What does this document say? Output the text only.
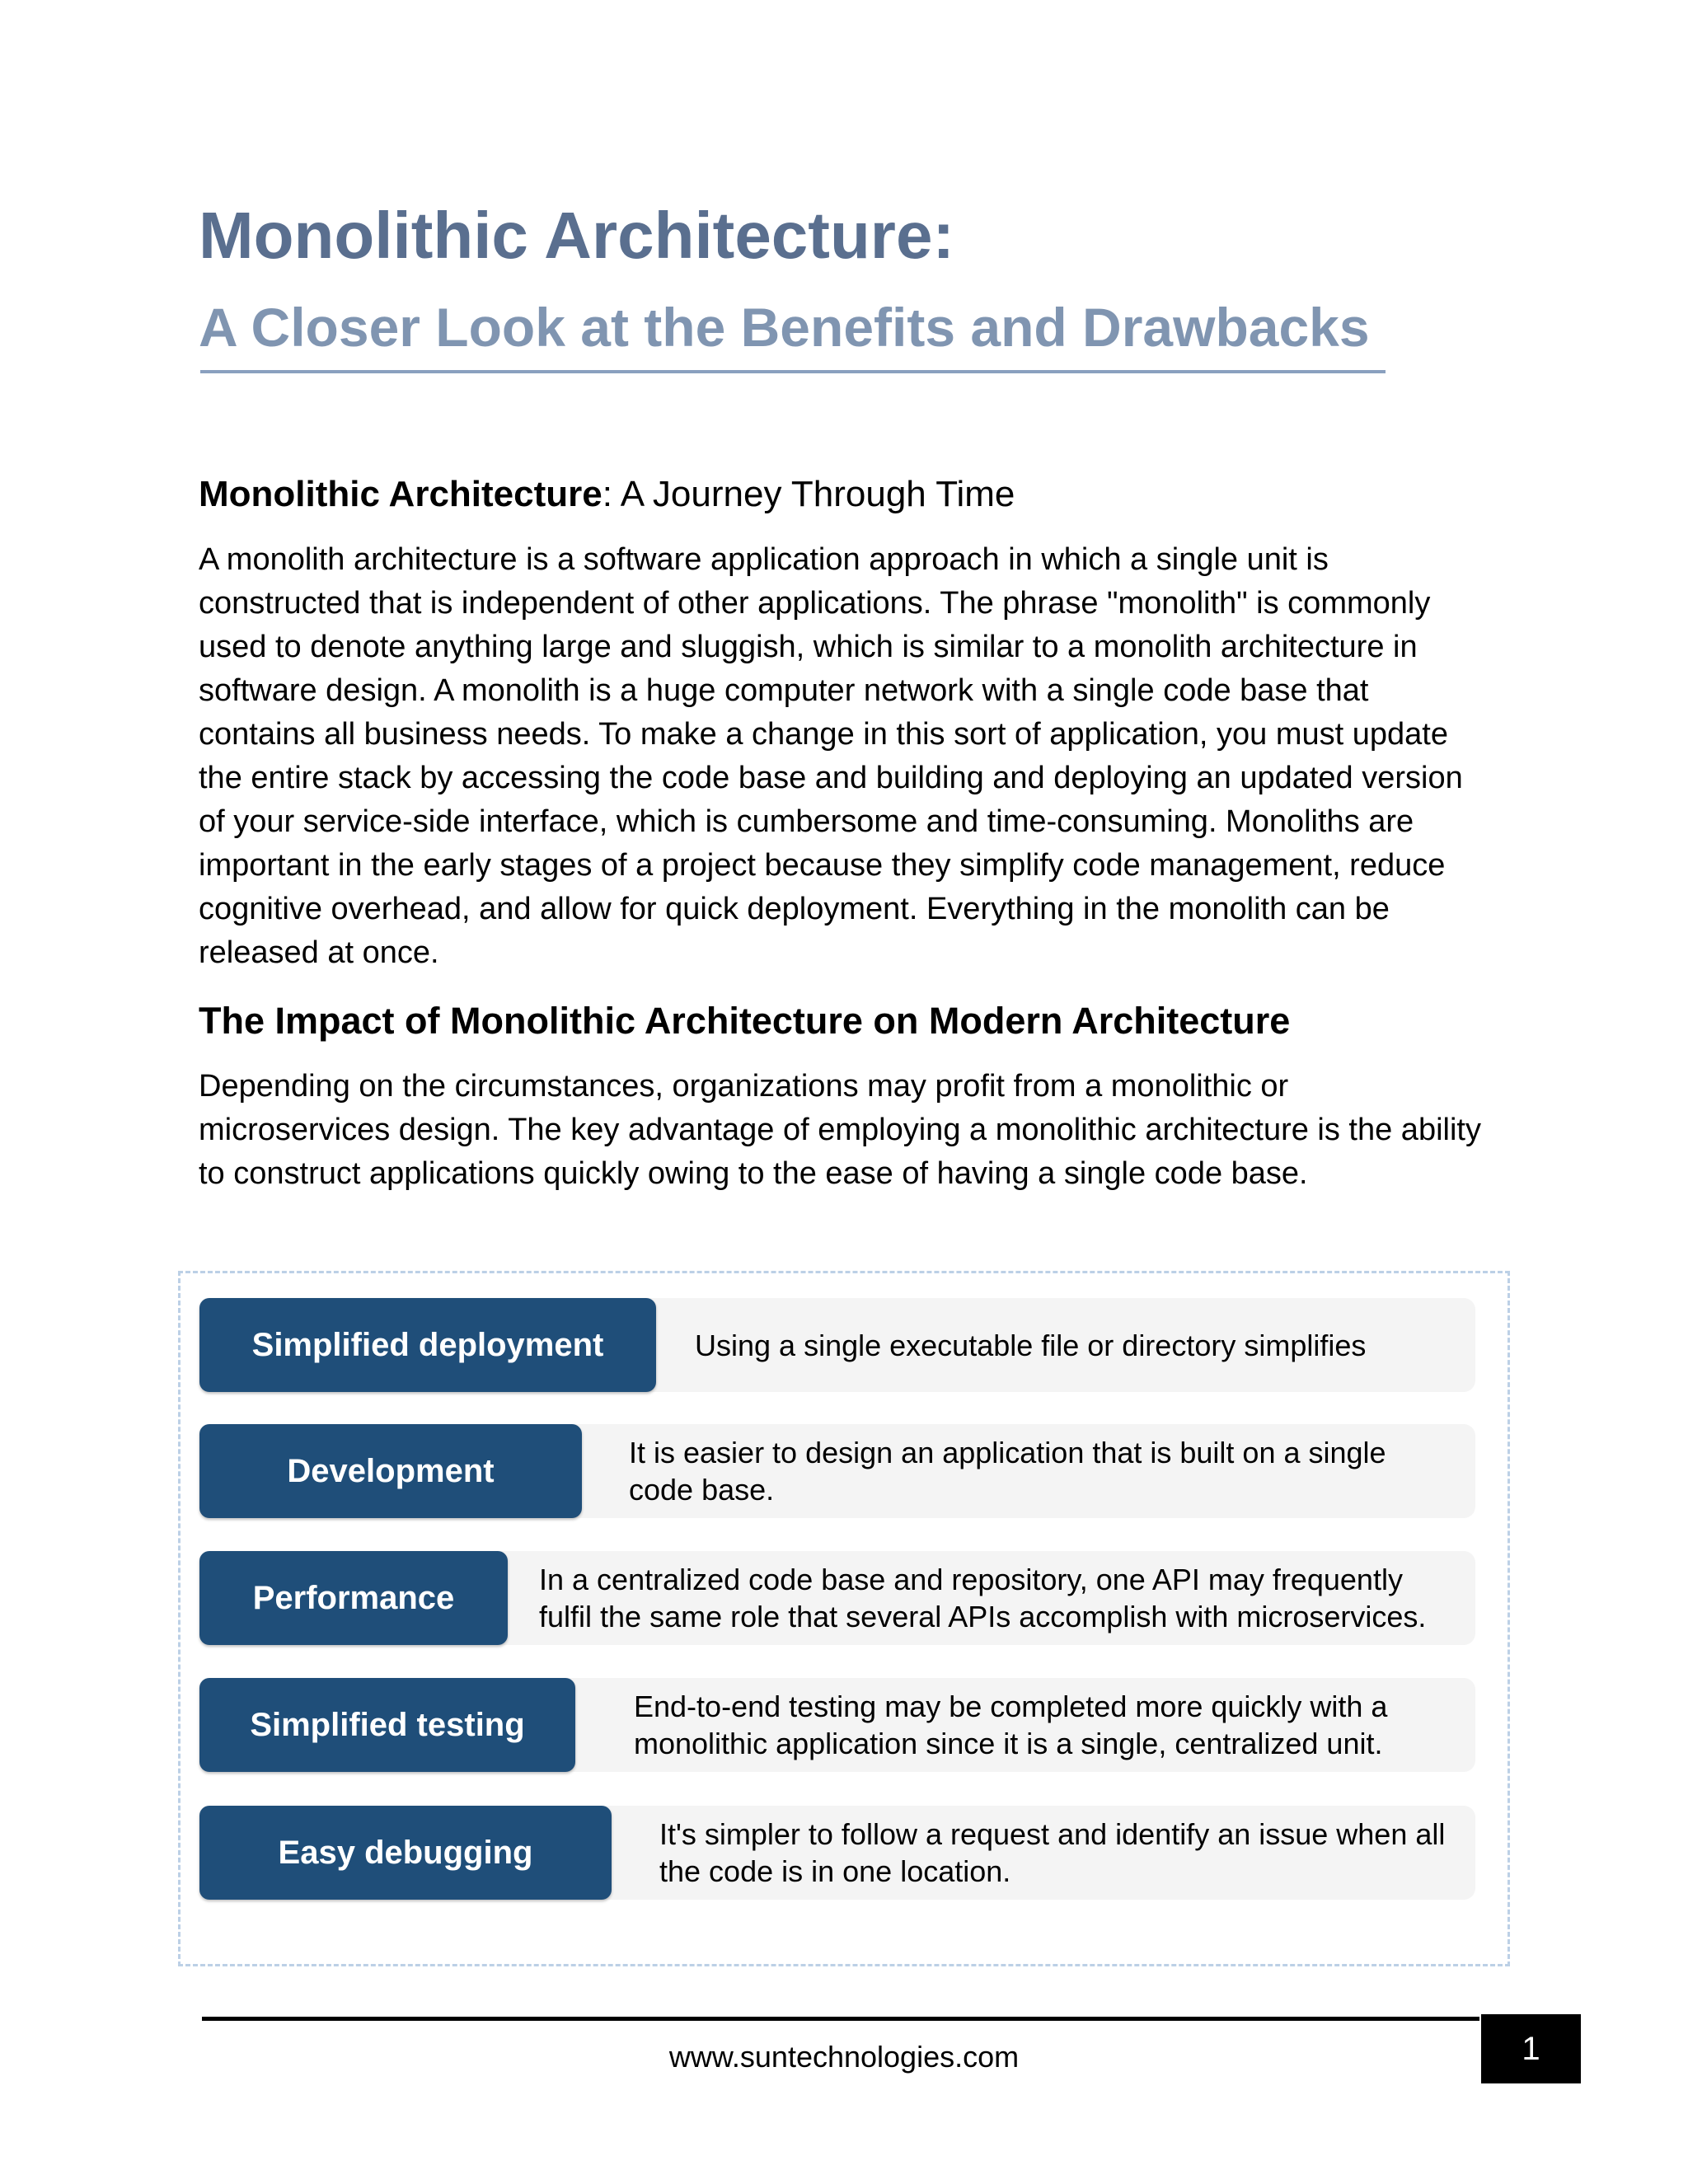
Monolithic Architecture:
A Closer Look at the Benefits and Drawbacks
Monolithic Architecture: A Journey Through Time

A monolith architecture is a software application approach in which a single unit is constructed that is independent of other applications. The phrase "monolith" is commonly used to denote anything large and sluggish, which is similar to a monolith architecture in software design. A monolith is a huge computer network with a single code base that contains all business needs. To make a change in this sort of application, you must update the entire stack by accessing the code base and building and deploying an updated version of your service-side interface, which is cumbersome and time-consuming. Monoliths are important in the early stages of a project because they simplify code management, reduce cognitive overhead, and allow for quick deployment. Everything in the monolith can be released at once.

The Impact of Monolithic Architecture on Modern Architecture

Depending on the circumstances, organizations may profit from a monolithic or microservices design. The key advantage of employing a monolithic architecture is the ability to construct applications quickly owing to the ease of having a single code base.

Simplified deployment	Using a single executable file or directory simplifies
Development	It is easier to design an application that is built on a single code base.
Performance	In a centralized code base and repository, one API may frequently fulfil the same role that several APIs accomplish with microservices.
Simplified testing	End-to-end testing may be completed more quickly with a monolithic application since it is a single, centralized unit.
Easy debugging	It's simpler to follow a request and identify an issue when all the code is in one location.
www.suntechnologies.com	1
